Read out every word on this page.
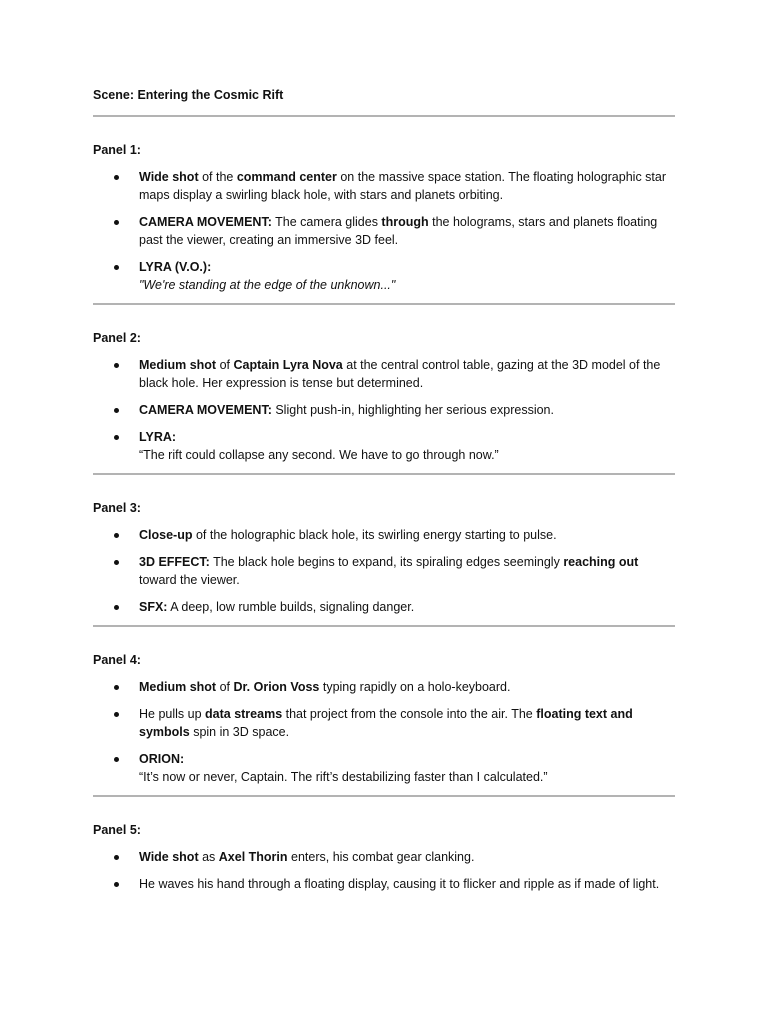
Scene: Entering the Cosmic Rift

Panel 1:

Wide shot of the command center on the massive space station. The floating holographic star maps display a swirling black hole, with stars and planets orbiting.
CAMERA MOVEMENT: The camera glides through the holograms, stars and planets floating past the viewer, creating an immersive 3D feel.
LYRA (V.O.):
"We're standing at the edge of the unknown..."

Panel 2:

Medium shot of Captain Lyra Nova at the central control table, gazing at the 3D model of the black hole. Her expression is tense but determined.
CAMERA MOVEMENT: Slight push-in, highlighting her serious expression.
LYRA:
“The rift could collapse any second. We have to go through now.”

Panel 3:

Close-up of the holographic black hole, its swirling energy starting to pulse.
3D EFFECT: The black hole begins to expand, its spiraling edges seemingly reaching out toward the viewer.
SFX: A deep, low rumble builds, signaling danger.

Panel 4:

Medium shot of Dr. Orion Voss typing rapidly on a holo-keyboard.
He pulls up data streams that project from the console into the air. The floating text and symbols spin in 3D space.
ORION:
“It’s now or never, Captain. The rift’s destabilizing faster than I calculated.”

Panel 5:

Wide shot as Axel Thorin enters, his combat gear clanking.
He waves his hand through a floating display, causing it to flicker and ripple as if made of light.
